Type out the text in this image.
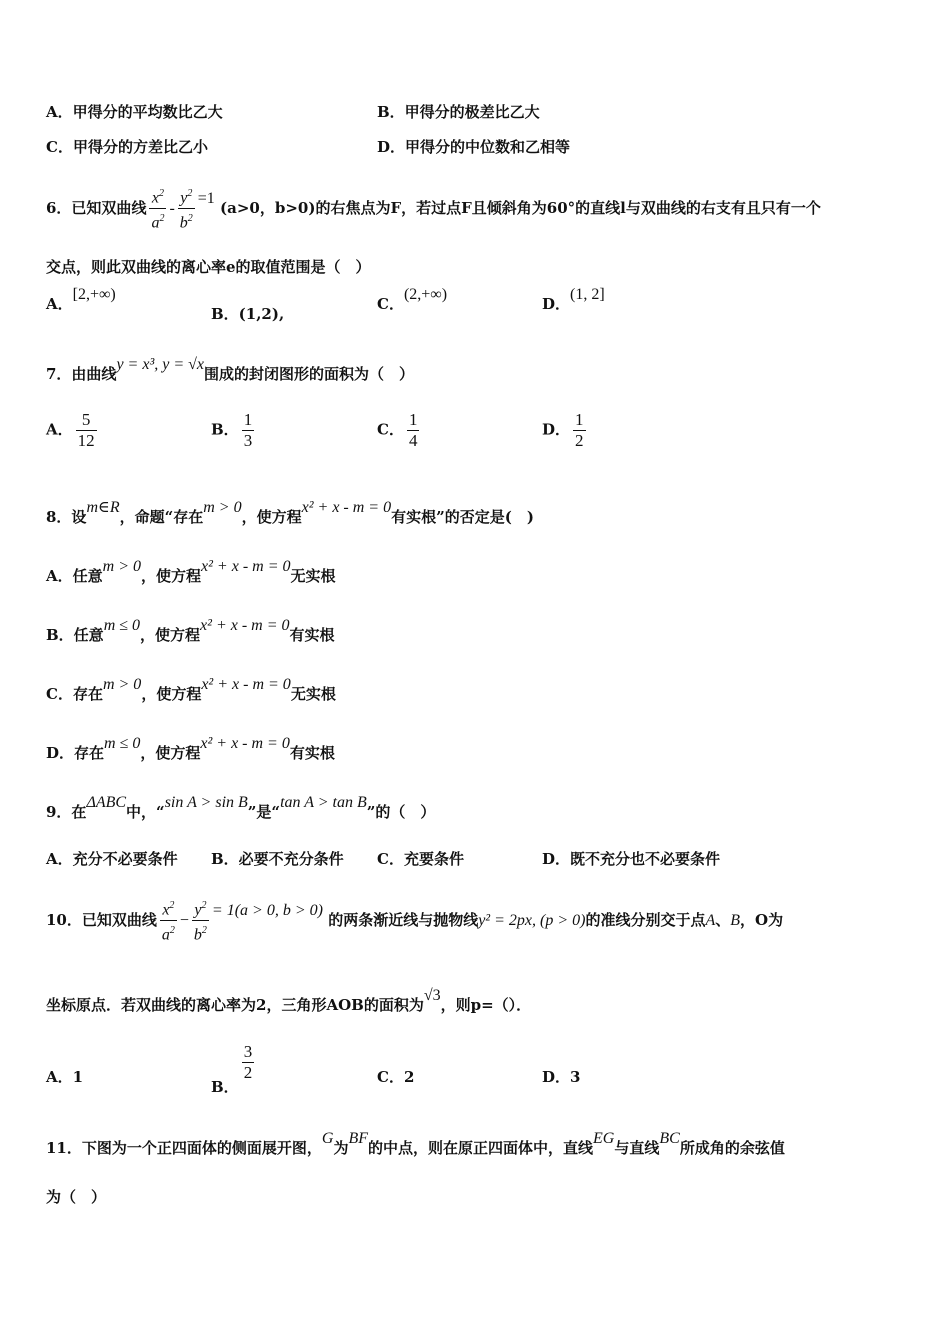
A．甲得分的平均数比乙大	B．甲得分的极差比乙大
C．甲得分的方差比乙小	D．甲得分的中位数和乙相等
6．已知双曲线 $\frac{x^2}{a^2} - \frac{y^2}{b^2} =1$ (a>0，b>0)的右焦点为F，若过点F且倾斜角为60°的直线l与双曲线的右支有且只有一个
交点，则此双曲线的离心率e的取值范围是（　）
A．[2,+∞)
B．(1,2),
C．(2,+∞)
D．(1, 2]
7．由曲线y = x³, y = √x围成的封闭图形的面积为（　）
A． $\frac{5}{12}$	B． $\frac{1}{3}$	C． $\frac{1}{4}$	D． $\frac{1}{2}$
8．设m∈R，命题“存在m > 0，使方程x² + x - m = 0有实根”的否定是(　)
A．任意m > 0，使方程x² + x - m = 0无实根
B．任意m ≤ 0，使方程x² + x - m = 0有实根
C．存在m > 0，使方程x² + x - m = 0无实根
D．存在m ≤ 0，使方程x² + x - m = 0有实根
9．在ΔABC中，“sin A > sin B”是“tan A > tan B”的（　）
A．充分不必要条件 B．必要不充分条件 C．充要条件	D．既不充分也不必要条件
10．已知双曲线 $\frac{x^2}{a^2} - \frac{y^2}{b^2} = 1(a > 0$, b > 0) 的两条渐近线与抛物线y² = 2px, (p > 0)的准线分别交于点A、B，O为
坐标原点．若双曲线的离心率为2，三角形AOB的面积为√3，则p=（）．
A．1
B．
$\frac{3}{2}$	C．2	D．3
11．下图为一个正四面体的侧面展开图，G为BF的中点，则在原正四面体中，直线EG与直线BC所成角的余弦值
为（　）
